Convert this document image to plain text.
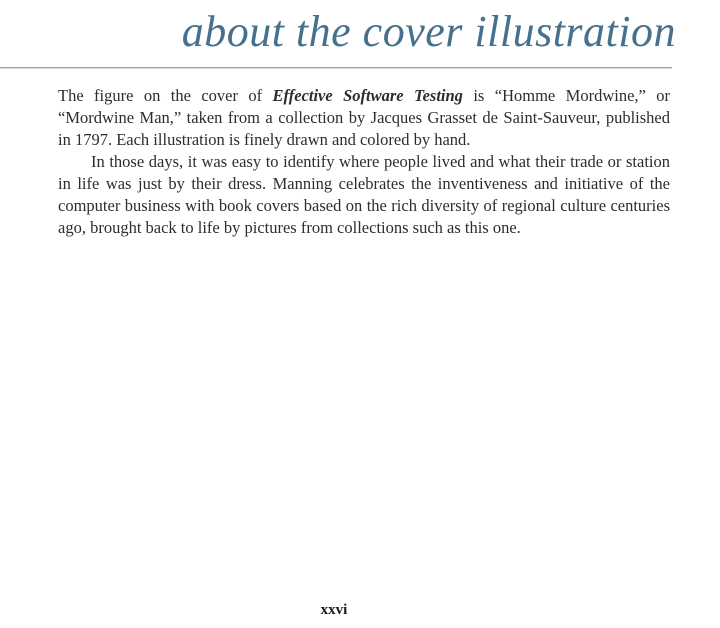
about the cover illustration

The figure on the cover of Effective Software Testing is “Homme Mordwine,” or “Mordwine Man,” taken from a collection by Jacques Grasset de Saint-Sauveur, published in 1797. Each illustration is finely drawn and colored by hand.

In those days, it was easy to identify where people lived and what their trade or station in life was just by their dress. Manning celebrates the inventiveness and initiative of the computer business with book covers based on the rich diversity of regional culture centuries ago, brought back to life by pictures from collections such as this one.

xxvi
